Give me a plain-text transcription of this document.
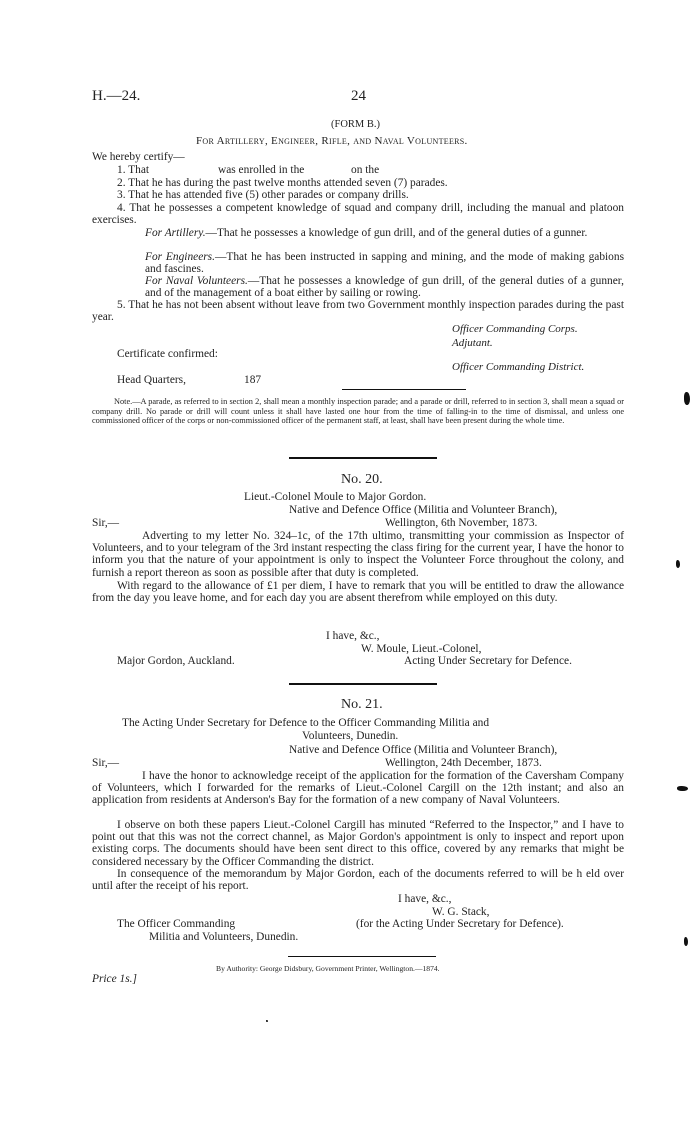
H.—24.	24
(FORM B.)
For Artillery, Engineer, Rifle, and Naval Volunteers.
We hereby certify—
1. That	was enrolled in the	on the
2. That he has during the past twelve months attended seven (7) parades.
3. That he has attended five (5) other parades or company drills.
4. That he possesses a competent knowledge of squad and company drill, including the manual and platoon exercises.
For Artillery.—That he possesses a knowledge of gun drill, and of the general duties of a gunner.
For Engineers.—That he has been instructed in sapping and mining, and the mode of making gabions and fascines.
For Naval Volunteers.—That he possesses a knowledge of gun drill, of the general duties of a gunner, and of the management of a boat either by sailing or rowing.
5. That he has not been absent without leave from two Government monthly inspection parades during the past year.
Officer Commanding Corps.
Adjutant.
Certificate confirmed:
Officer Commanding District.
Head Quarters,	187
Note.—A parade, as referred to in section 2, shall mean a monthly inspection parade; and a parade or drill, referred to in section 3, shall mean a squad or company drill. No parade or drill will count unless it shall have lasted one hour from the time of falling-in to the time of dismissal, and unless one commissioned officer of the corps or non-commissioned officer of the permanent staff, at least, shall have been present during the whole time.
No. 20.
Lieut.-Colonel Moule to Major Gordon.
Native and Defence Office (Militia and Volunteer Branch),
Wellington, 6th November, 1873.
Sir,—
Adverting to my letter No. 324–1c, of the 17th ultimo, transmitting your commission as Inspector of Volunteers, and to your telegram of the 3rd instant respecting the class firing for the current year, I have the honor to inform you that the nature of your appointment is only to inspect the Volunteer Force throughout the colony, and furnish a report thereon as soon as possible after that duty is completed.
With regard to the allowance of £1 per diem, I have to remark that you will be entitled to draw the allowance from the day you leave home, and for each day you are absent therefrom while employed on this duty.
I have, &c.,
W. Moule, Lieut.-Colonel,
Major Gordon, Auckland.	Acting Under Secretary for Defence.
No. 21.
The Acting Under Secretary for Defence to the Officer Commanding Militia and
Volunteers, Dunedin.
Native and Defence Office (Militia and Volunteer Branch),
Sir,—	Wellington, 24th December, 1873.
I have the honor to acknowledge receipt of the application for the formation of the Caversham Company of Volunteers, which I forwarded for the remarks of Lieut.-Colonel Cargill on the 12th instant; and also an application from residents at Anderson's Bay for the formation of a new company of Naval Volunteers.
I observe on both these papers Lieut.-Colonel Cargill has minuted “Referred to the Inspector,” and I have to point out that this was not the correct channel, as Major Gordon's appointment is only to inspect and report upon existing corps. The documents should have been sent direct to this office, covered by any remarks that might be considered necessary by the Officer Commanding the district.
In consequence of the memorandum by Major Gordon, each of the documents referred to will be h eld over until after the receipt of his report.
I have, &c.,
W. G. Stack,
The Officer Commanding	(for the Acting Under Secretary for Defence).
Militia and Volunteers, Dunedin.
By Authority: George Didsbury, Government Printer, Wellington.—1874.
Price 1s.]
